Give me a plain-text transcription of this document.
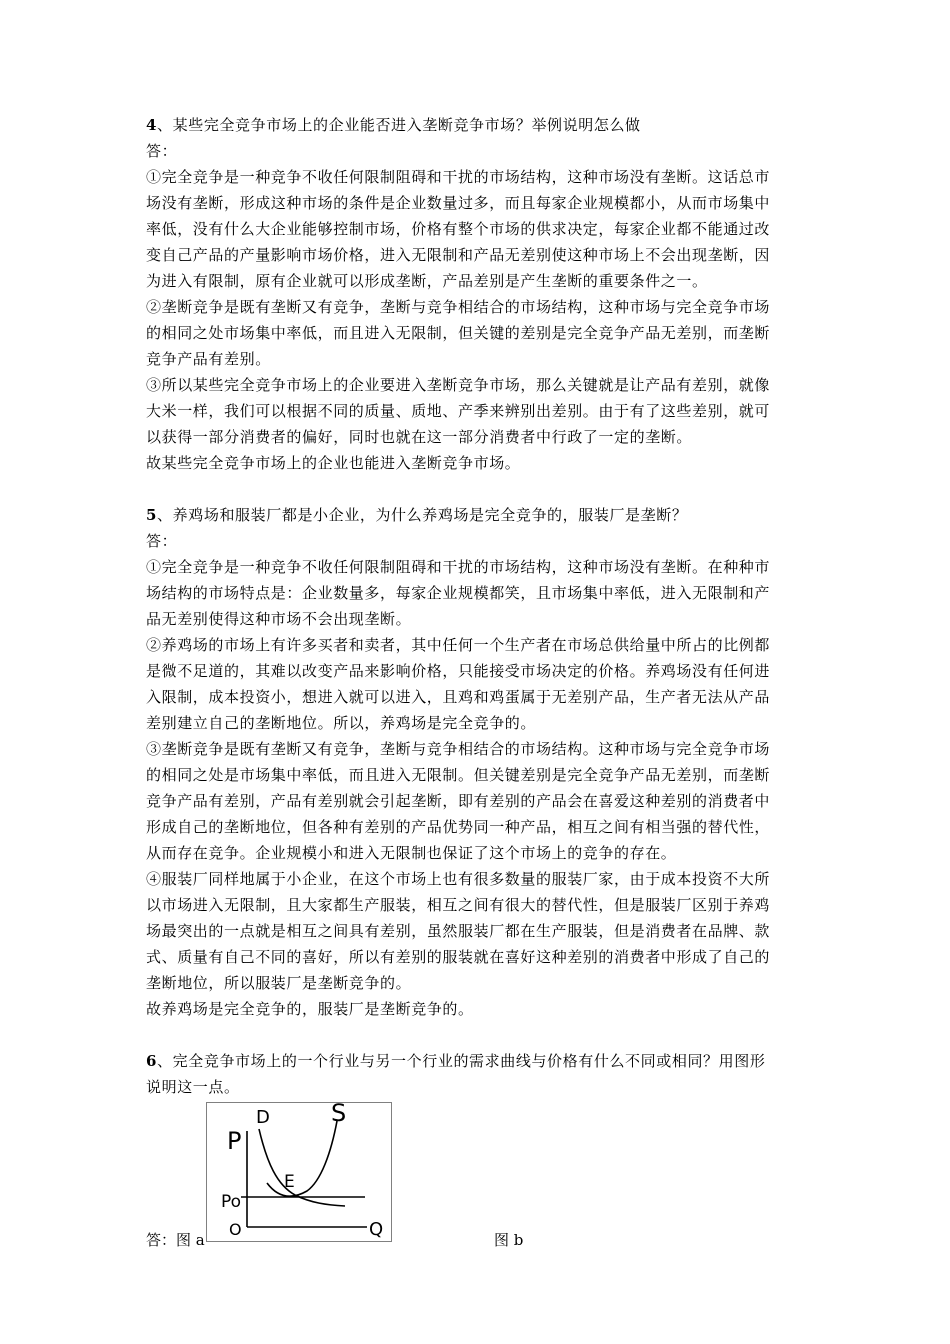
4、某些完全竞争市场上的企业能否进入垄断竞争市场？举例说明怎么做
答：
①完全竞争是一种竞争不收任何限制阻碍和干扰的市场结构，这种市场没有垄断。这话总市
场没有垄断，形成这种市场的条件是企业数量过多，而且每家企业规模都小，从而市场集中
率低，没有什么大企业能够控制市场，价格有整个市场的供求决定，每家企业都不能通过改
变自己产品的产量影响市场价格，进入无限制和产品无差别使这种市场上不会出现垄断，因
为进入有限制，原有企业就可以形成垄断，产品差别是产生垄断的重要条件之一。
②垄断竞争是既有垄断又有竞争，垄断与竞争相结合的市场结构，这种市场与完全竞争市场
的相同之处市场集中率低，而且进入无限制，但关键的差别是完全竞争产品无差别，而垄断
竞争产品有差别。
③所以某些完全竞争市场上的企业要进入垄断竞争市场，那么关键就是让产品有差别，就像
大米一样，我们可以根据不同的质量、质地、产季来辨别出差别。由于有了这些差别，就可
以获得一部分消费者的偏好，同时也就在这一部分消费者中行政了一定的垄断。
故某些完全竞争市场上的企业也能进入垄断竞争市场。
5、养鸡场和服装厂都是小企业，为什么养鸡场是完全竞争的，服装厂是垄断？
答：
①完全竞争是一种竞争不收任何限制阻碍和干扰的市场结构，这种市场没有垄断。在种种市
场结构的市场特点是：企业数量多，每家企业规模都笑，且市场集中率低，进入无限制和产
品无差别使得这种市场不会出现垄断。
②养鸡场的市场上有许多买者和卖者，其中任何一个生产者在市场总供给量中所占的比例都
是微不足道的，其难以改变产品来影响价格，只能接受市场决定的价格。养鸡场没有任何进
入限制，成本投资小，想进入就可以进入，且鸡和鸡蛋属于无差别产品，生产者无法从产品
差别建立自己的垄断地位。所以，养鸡场是完全竞争的。
③垄断竞争是既有垄断又有竞争，垄断与竞争相结合的市场结构。这种市场与完全竞争市场
的相同之处是市场集中率低，而且进入无限制。但关键差别是完全竞争产品无差别，而垄断
竞争产品有差别，产品有差别就会引起垄断，即有差别的产品会在喜爱这种差别的消费者中
形成自己的垄断地位，但各种有差别的产品优势同一种产品，相互之间有相当强的替代性，
从而存在竞争。企业规模小和进入无限制也保证了这个市场上的竞争的存在。
④服装厂同样地属于小企业，在这个市场上也有很多数量的服装厂家，由于成本投资不大所
以市场进入无限制，且大家都生产服装，相互之间有很大的替代性，但是服装厂区别于养鸡
场最突出的一点就是相互之间具有差别，虽然服装厂都在生产服装，但是消费者在品牌、款
式、质量有自己不同的喜好，所以有差别的服装就在喜好这种差别的消费者中形成了自己的
垄断地位，所以服装厂是垄断竞争的。
故养鸡场是完全竞争的，服装厂是垄断竞争的。
6、完全竞争市场上的一个行业与另一个行业的需求曲线与价格有什么不同或相同？用图形
说明这一点。
答：图 a
P
D	S
E
Po
O	Q	图 b
